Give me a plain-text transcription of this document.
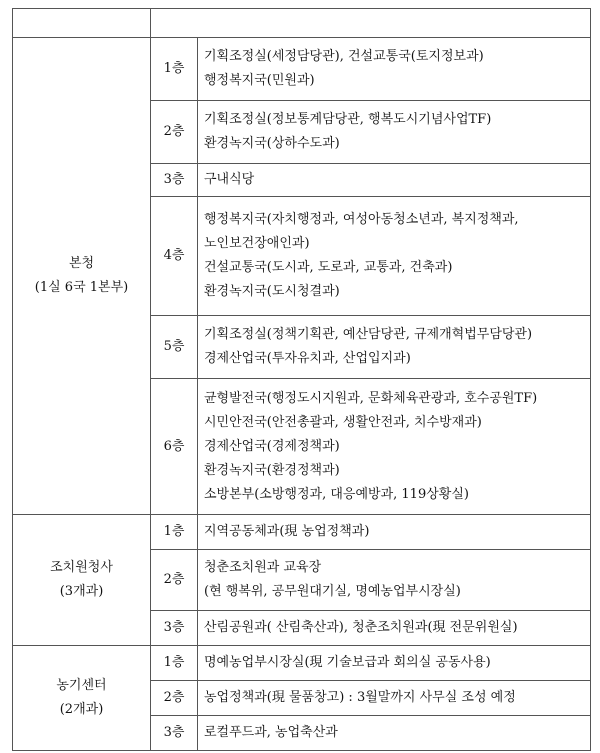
본청
(1실 6국 1본부)	1층	기획조정실(세정담당관), 건설교통국(토지정보과)
행정복지국(민원과)

	2층	기획조정실(정보통계담당관, 행복도시기념사업TF)
환경녹지국(상하수도과)

	3층	구내식당

	4층	행정복지국(자치행정과, 여성아동청소년과, 복지정책과,
노인보건장애인과)
건설교통국(도시과, 도로과, 교통과, 건축과)
환경녹지국(도시청결과)

	5층	기획조정실(정책기획관, 예산담당관, 규제개혁법무담당관)
경제산업국(투자유치과, 산업입지과)

	6층	균형발전국(행정도시지원과, 문화체육관광과, 호수공원TF)
시민안전국(안전총괄과, 생활안전과, 치수방재과)
경제산업국(경제정책과)
환경녹지국(환경정책과)
소방본부(소방행정과, 대응예방과, 119상황실)

조치원청사
(3개과)	1층	지역공동체과(現 농업정책과)

	2층	청춘조치원과 교육장
(현 행복위, 공무원대기실, 명예농업부시장실)

	3층	산림공원과( 산림축산과), 청춘조치원과(現 전문위원실)

농기센터
(2개과)	1층	명예농업부시장실(現 기술보급과 회의실 공동사용)

	2층	농업정책과(現 물품창고) : 3월말까지 사무실 조성 예정

	3층	로컬푸드과, 농업축산과
